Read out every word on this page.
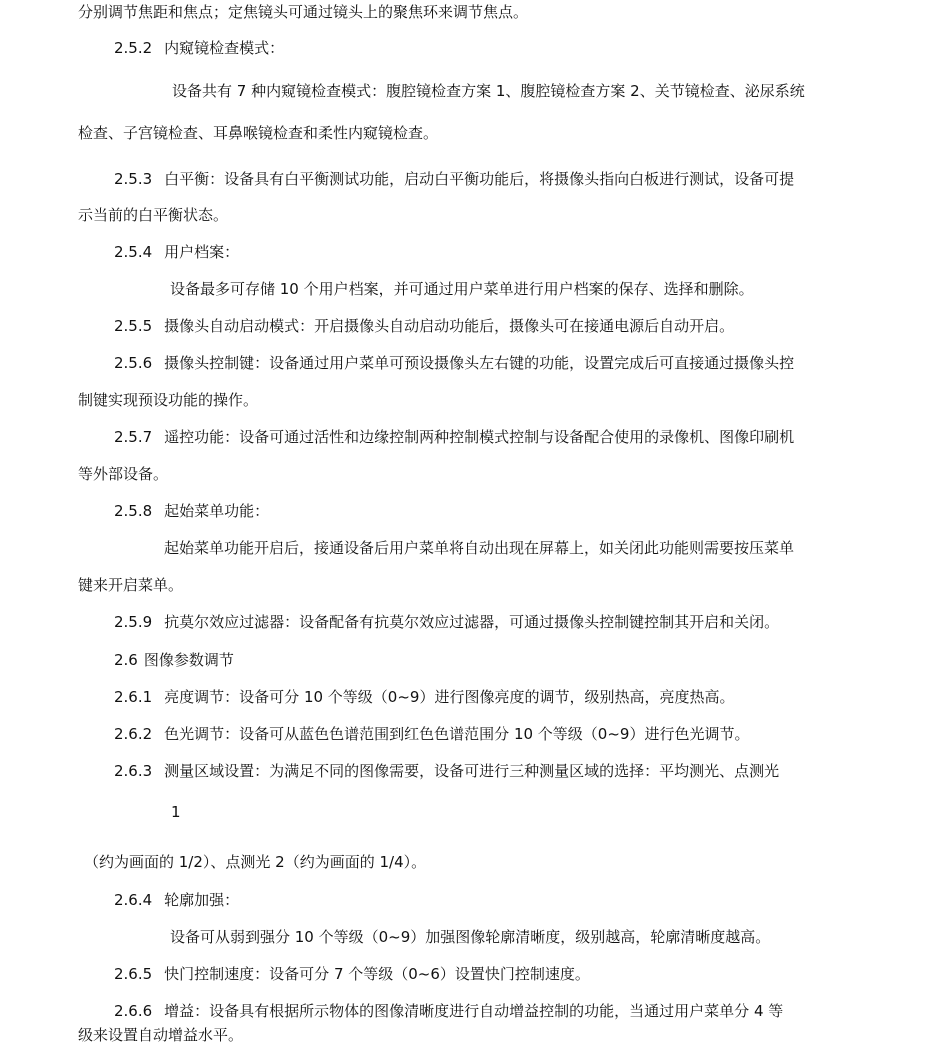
分别调节焦距和焦点；定焦镜头可通过镜头上的聚焦环来调节焦点。

2.5.2 内窥镜检查模式：

设备共有 7 种内窥镜检查模式：腹腔镜检查方案 1、腹腔镜检查方案 2、关节镜检查、泌尿系统

检查、子宫镜检查、耳鼻喉镜检查和柔性内窥镜检查。

2.5.3 白平衡：设备具有白平衡测试功能，启动白平衡功能后，将摄像头指向白板进行测试，设备可提

示当前的白平衡状态。

2.5.4 用户档案：

设备最多可存储 10 个用户档案，并可通过用户菜单进行用户档案的保存、选择和删除。

2.5.5 摄像头自动启动模式：开启摄像头自动启动功能后，摄像头可在接通电源后自动开启。

2.5.6 摄像头控制键：设备通过用户菜单可预设摄像头左右键的功能，设置完成后可直接通过摄像头控

制键实现预设功能的操作。

2.5.7 遥控功能：设备可通过活性和边缘控制两种控制模式控制与设备配合使用的录像机、图像印刷机

等外部设备。

2.5.8 起始菜单功能：

起始菜单功能开启后，接通设备后用户菜单将自动出现在屏幕上，如关闭此功能则需要按压菜单

键来开启菜单。

2.5.9 抗莫尔效应过滤器：设备配备有抗莫尔效应过滤器，可通过摄像头控制键控制其开启和关闭。

2.6 图像参数调节

2.6.1 亮度调节：设备可分 10 个等级（0~9）进行图像亮度的调节，级别热高，亮度热高。

2.6.2 色光调节：设备可从蓝色色谱范围到红色色谱范围分 10 个等级（0~9）进行色光调节。

2.6.3 测量区域设置：为满足不同的图像需要，设备可进行三种测量区域的选择：平均测光、点测光

1

（约为画面的 1/2）、点测光 2（约为画面的 1/4）。

2.6.4 轮廓加强：

设备可从弱到强分 10 个等级（0~9）加强图像轮廓清晰度，级别越高，轮廓清晰度越高。

2.6.5 快门控制速度：设备可分 7 个等级（0~6）设置快门控制速度。

2.6.6 增益：设备具有根据所示物体的图像清晰度进行自动增益控制的功能，当通过用户菜单分 4 等

级来设置自动增益水平。
